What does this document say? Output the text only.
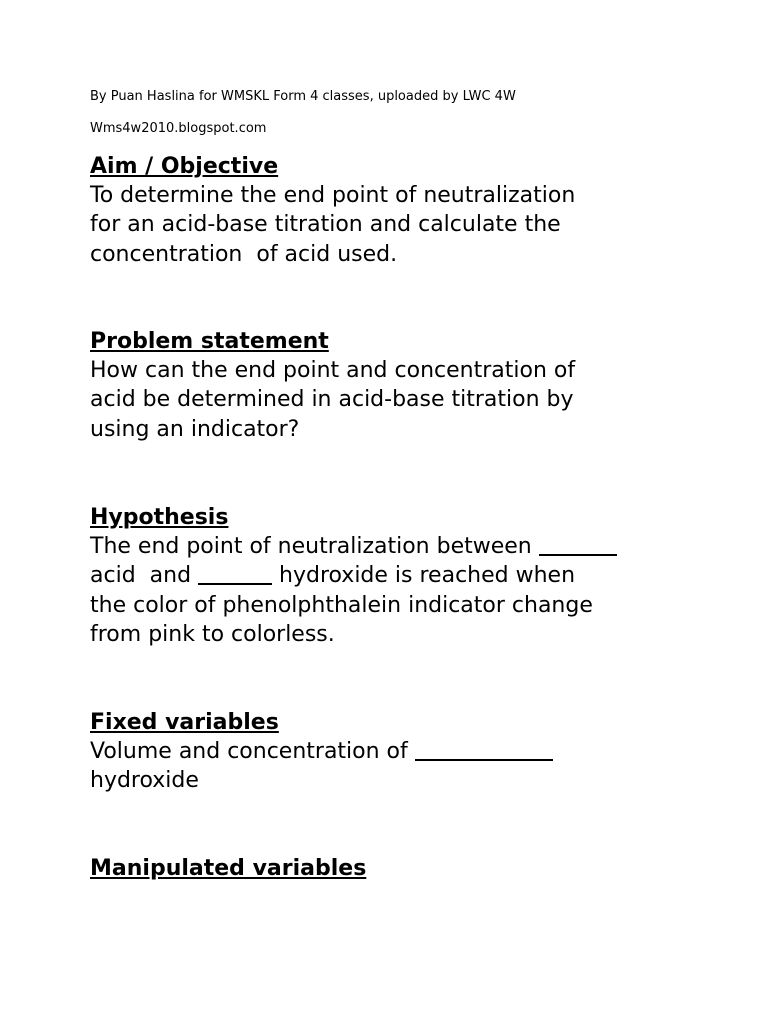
By Puan Haslina for WMSKL Form 4 classes, uploaded by LWC 4W
Wms4w2010.blogspot.com

Aim / Objective

To determine the end point of neutralization

for an acid-base titration and calculate the

concentration  of acid used.

Problem statement

How can the end point and concentration of

acid be determined in acid-base titration by

using an indicator?

Hypothesis

The end point of neutralization between

acid  and	hydroxide is reached when

the color of phenolphthalein indicator change

from pink to colorless.

Fixed variables

Volume and concentration of

hydroxide

Manipulated variables
